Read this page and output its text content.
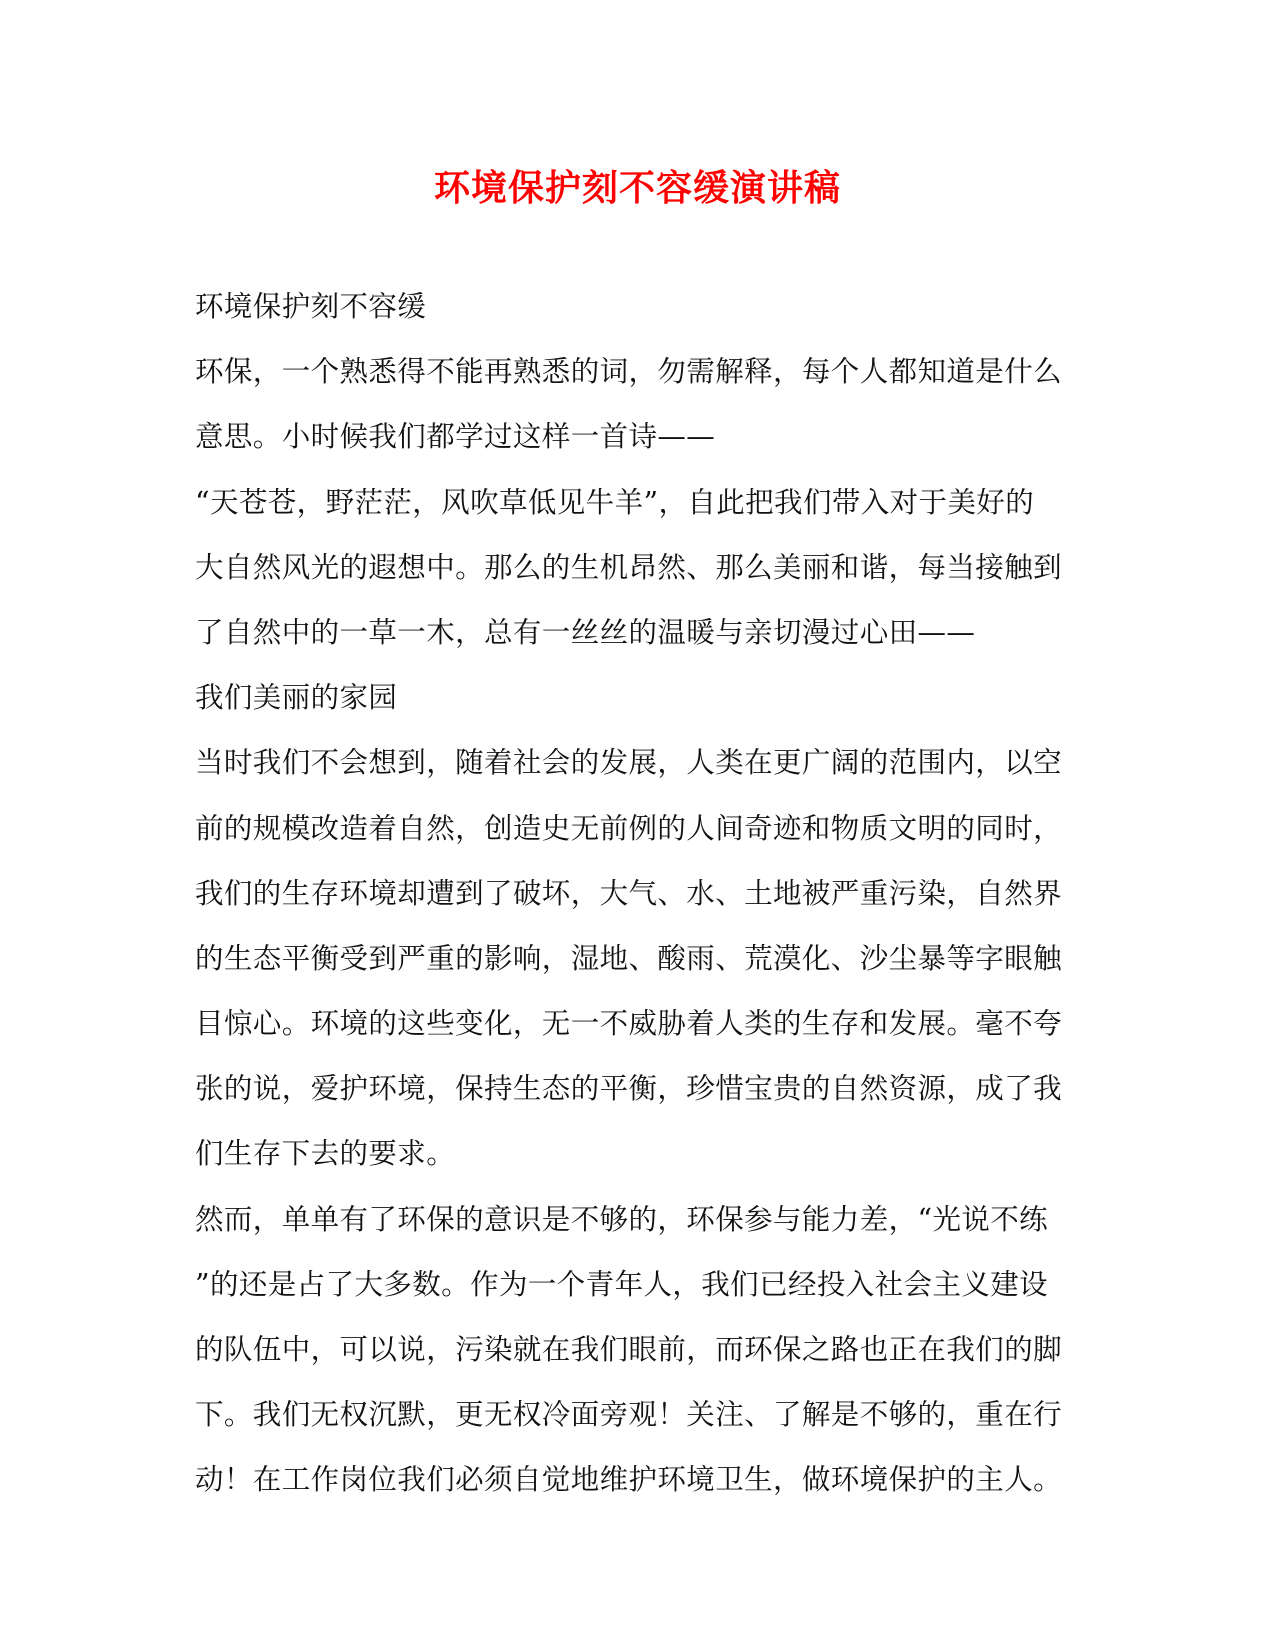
环境保护刻不容缓演讲稿
环境保护刻不容缓
环保，一个熟悉得不能再熟悉的词，勿需解释，每个人都知道是什么
意思。小时候我们都学过这样一首诗——
“天苍苍，野茫茫，风吹草低见牛羊”，自此把我们带入对于美好的
大自然风光的遐想中。那么的生机昂然、那么美丽和谐，每当接触到
了自然中的一草一木，总有一丝丝的温暖与亲切漫过心田——
我们美丽的家园
当时我们不会想到，随着社会的发展，人类在更广阔的范围内，以空
前的规模改造着自然，创造史无前例的人间奇迹和物质文明的同时，
我们的生存环境却遭到了破坏，大气、水、土地被严重污染，自然界
的生态平衡受到严重的影响，湿地、酸雨、荒漠化、沙尘暴等字眼触
目惊心。环境的这些变化，无一不威胁着人类的生存和发展。毫不夸
张的说，爱护环境，保持生态的平衡，珍惜宝贵的自然资源，成了我
们生存下去的要求。
然而，单单有了环保的意识是不够的，环保参与能力差，“光说不练
”的还是占了大多数。作为一个青年人，我们已经投入社会主义建设
的队伍中，可以说，污染就在我们眼前，而环保之路也正在我们的脚
下。我们无权沉默，更无权冷面旁观！关注、了解是不够的，重在行
动！在工作岗位我们必须自觉地维护环境卫生，做环境保护的主人。
